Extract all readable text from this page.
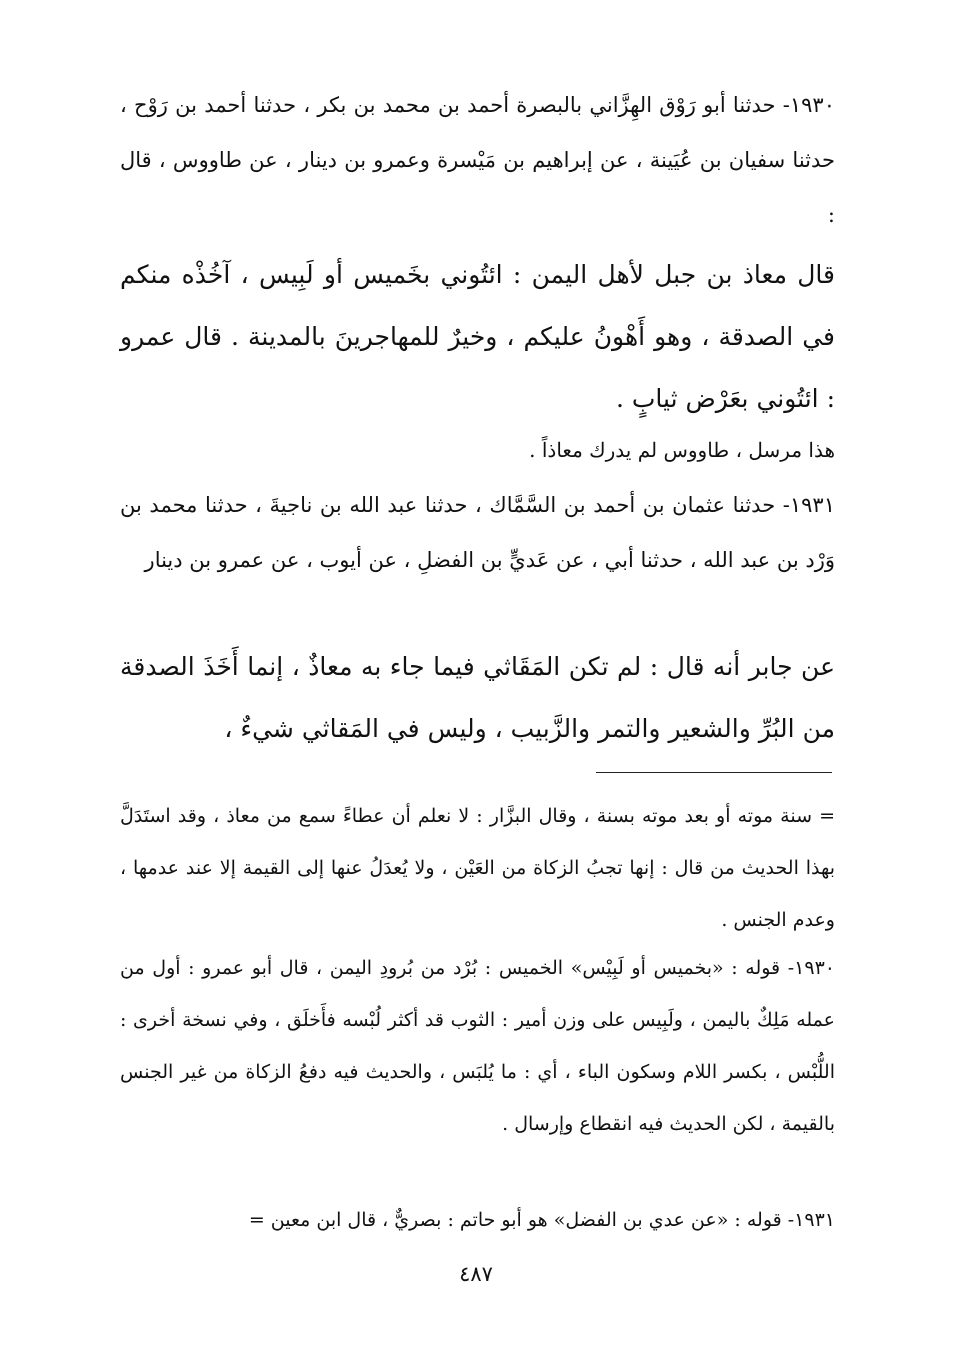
١٩٣٠- حدثنا أبو رَوْق الهِزَّاني بالبصرة أحمد بن محمد بن بكر ، حدثنا أحمد بن رَوْح ، حدثنا سفيان بن عُيَينة ، عن إبراهيم بن مَيْسرة وعمرو بن دينار ، عن طاووس ، قال :

قال معاذ بن جبل لأهل اليمن : ائتُوني بخَميس أو لَبِيس ، آخُذْه منكم في الصدقة ، وهو أَهْونُ عليكم ، وخيرٌ للمهاجرينَ بالمدينة . قال عمرو : ائتُوني بعَرْض ثيابٍ .

هذا مرسل ، طاووس لم يدرك معاذاً .

١٩٣١- حدثنا عثمان بن أحمد بن السَّمَّاك ، حدثنا عبد الله بن ناجيةَ ، حدثنا محمد بن وَرْد بن عبد الله ، حدثنا أبي ، عن عَديٍّ بن الفضلِ ، عن أيوب ، عن عمرو بن دينار

عن جابر أنه قال : لم تكن المَقَاثي فيما جاء به معاذٌ ، إنما أَخَذَ الصدقة من البُرِّ والشعير والتمر والزَّبيب ، وليس في المَقاثي شيءٌ ،

= سنة موته أو بعد موته بسنة ، وقال البزَّار : لا نعلم أن عطاءً سمع من معاذ ، وقد استَدَلَّ بهذا الحديث من قال : إنها تجبُ الزكاة من العَيْن ، ولا يُعدَلُ عنها إلى القيمة إلا عند عدمها ، وعدم الجنس .

١٩٣٠- قوله : «بخميس أو لَبِيْس» الخميس : بُرْد من بُرودِ اليمن ، قال أبو عمرو : أول من عمله مَلِكٌ باليمن ، ولَبِيس على وزن أمير : الثوب قد أكثر لُبْسه فأَخلَق ، وفي نسخة أخرى : اللُّبْس ، بكسر اللام وسكون الباء ، أي : ما يُلبَس ، والحديث فيه دفعُ الزكاة من غير الجنس بالقيمة ، لكن الحديث فيه انقطاع وإرسال .

١٩٣١- قوله : «عن عدي بن الفضل» هو أبو حاتم : بصريٌّ ، قال ابن معين =

٤٨٧
